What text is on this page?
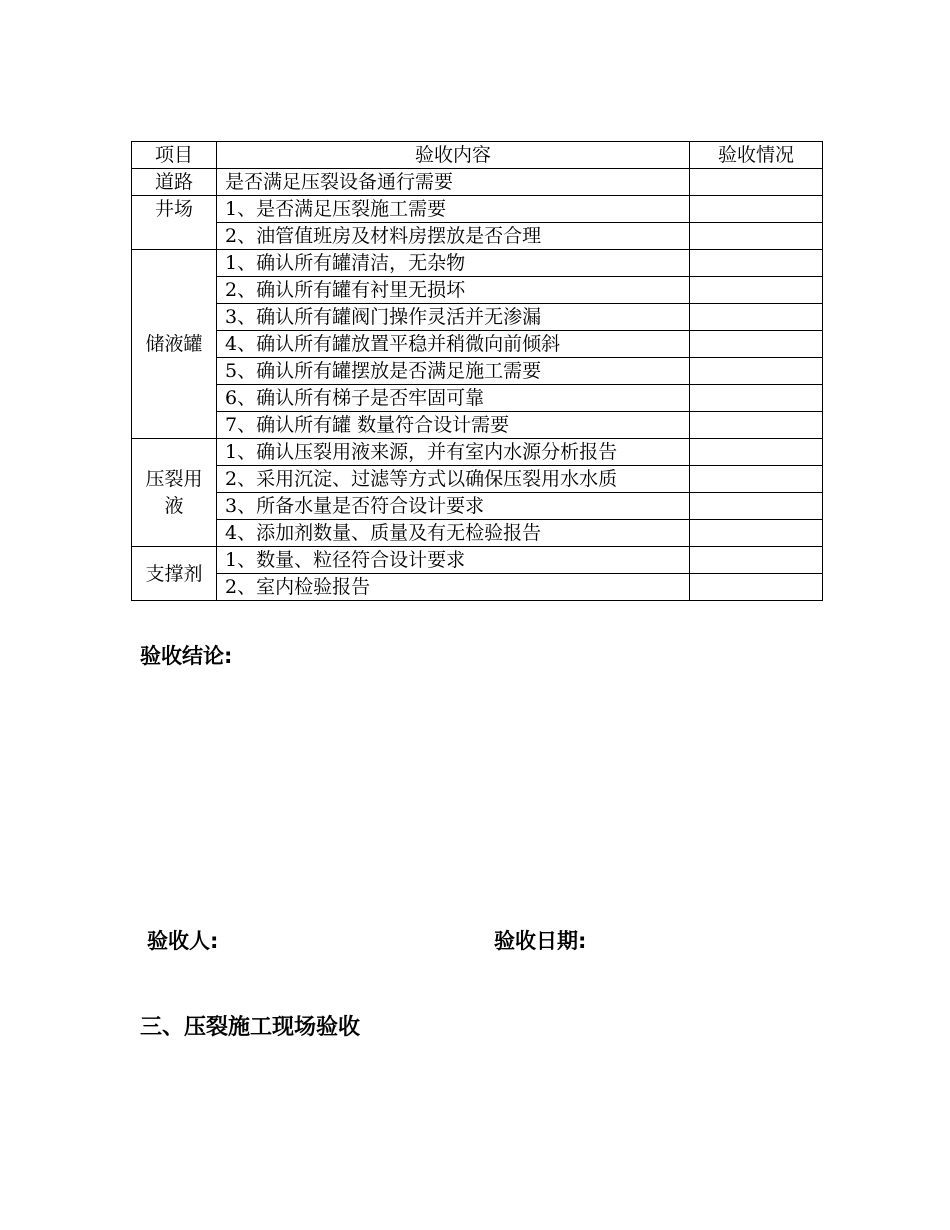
项目	验收内容	验收情况
道路	是否满足压裂设备通行需要	
井场	1、是否满足压裂施工需要	
	2、油管值班房及材料房摆放是否合理	
储液罐	1、确认所有罐清洁，无杂物	
	2、确认所有罐有衬里无损坏	
	3、确认所有罐阀门操作灵活并无渗漏	
	4、确认所有罐放置平稳并稍微向前倾斜	
	5、确认所有罐摆放是否满足施工需要	
	6、确认所有梯子是否牢固可靠	
	7、确认所有罐 数量符合设计需要	
压裂用液	1、确认压裂用液来源，并有室内水源分析报告	
	2、采用沉淀、过滤等方式以确保压裂用水水质	
	3、所备水量是否符合设计要求	
	4、添加剂数量、质量及有无检验报告	
支撑剂	1、数量、粒径符合设计要求	
	2、室内检验报告	
验收结论:
验收人:	验收日期:
三、压裂施工现场验收
